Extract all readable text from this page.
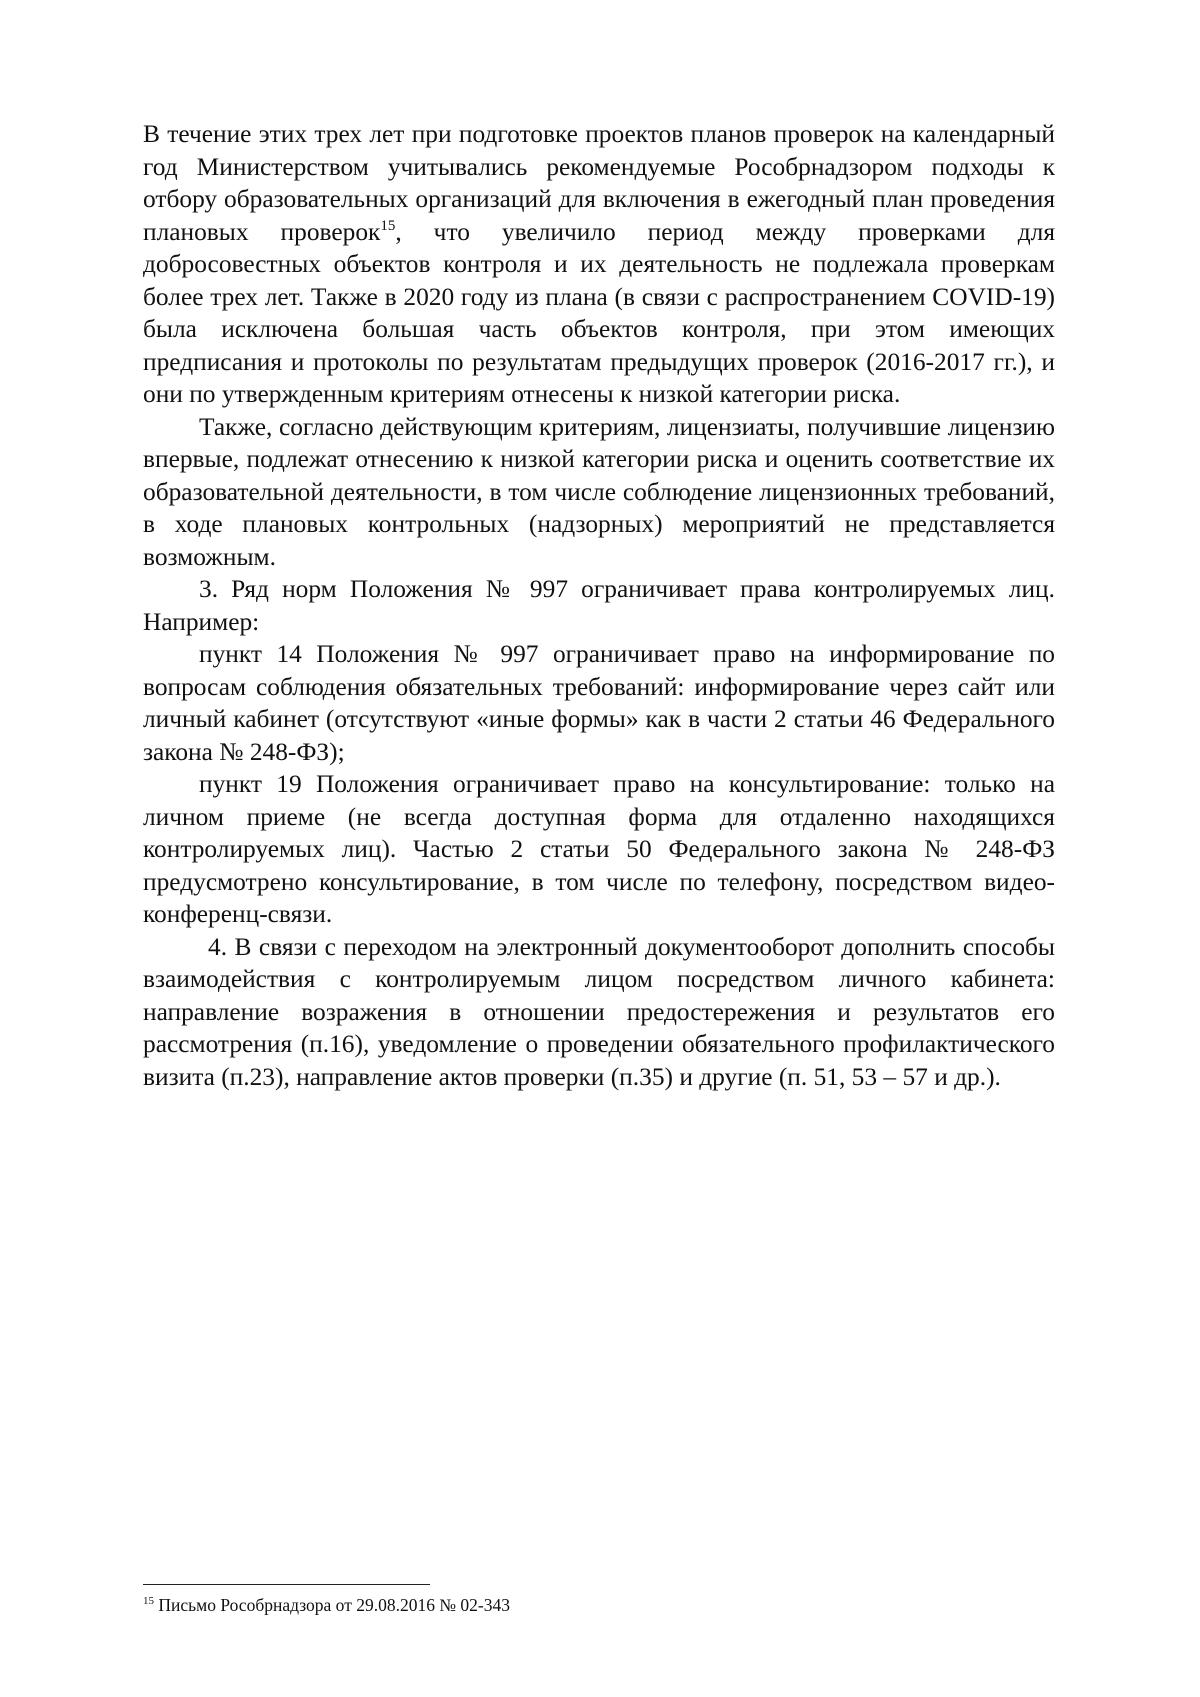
В течение этих трех лет при подготовке проектов планов проверок на календарный год Министерством учитывались рекомендуемые Рособрнадзором подходы к отбору образовательных организаций для включения в ежегодный план проведения плановых проверок$^{15}$, что увеличило период между проверками для добросовестных объектов контроля и их деятельность не подлежала проверкам более трех лет. Также в 2020 году из плана (в связи с распространением COVID-19) была исключена большая часть объектов контроля, при этом имеющих предписания и протоколы по результатам предыдущих проверок (2016-2017 гг.), и они по утвержденным критериям отнесены к низкой категории риска.

Также, согласно действующим критериям, лицензиаты, получившие лицензию впервые, подлежат отнесению к низкой категории риска и оценить соответствие их образовательной деятельности, в том числе соблюдение лицензионных требований, в ходе плановых контрольных (надзорных) мероприятий не представляется возможным.

3. Ряд норм Положения № 997 ограничивает права контролируемых лиц. Например:

пункт 14 Положения № 997 ограничивает право на информирование по вопросам соблюдения обязательных требований: информирование через сайт или личный кабинет (отсутствуют «иные формы» как в части 2 статьи 46 Федерального закона № 248-ФЗ);

пункт 19 Положения ограничивает право на консультирование: только на личном приеме (не всегда доступная форма для отдаленно находящихся контролируемых лиц). Частью 2 статьи 50 Федерального закона № 248-ФЗ предусмотрено консультирование, в том числе по телефону, посредством видео-конференц-связи.

4. В связи с переходом на электронный документооборот дополнить способы взаимодействия с контролируемым лицом посредством личного кабинета: направление возражения в отношении предостережения и результатов его рассмотрения (п.16), уведомление о проведении обязательного профилактического визита (п.23), направление актов проверки (п.35) и другие (п. 51, 53 – 57 и др.).

$^{15}$ Письмо Рособрнадзора от 29.08.2016 № 02-343
